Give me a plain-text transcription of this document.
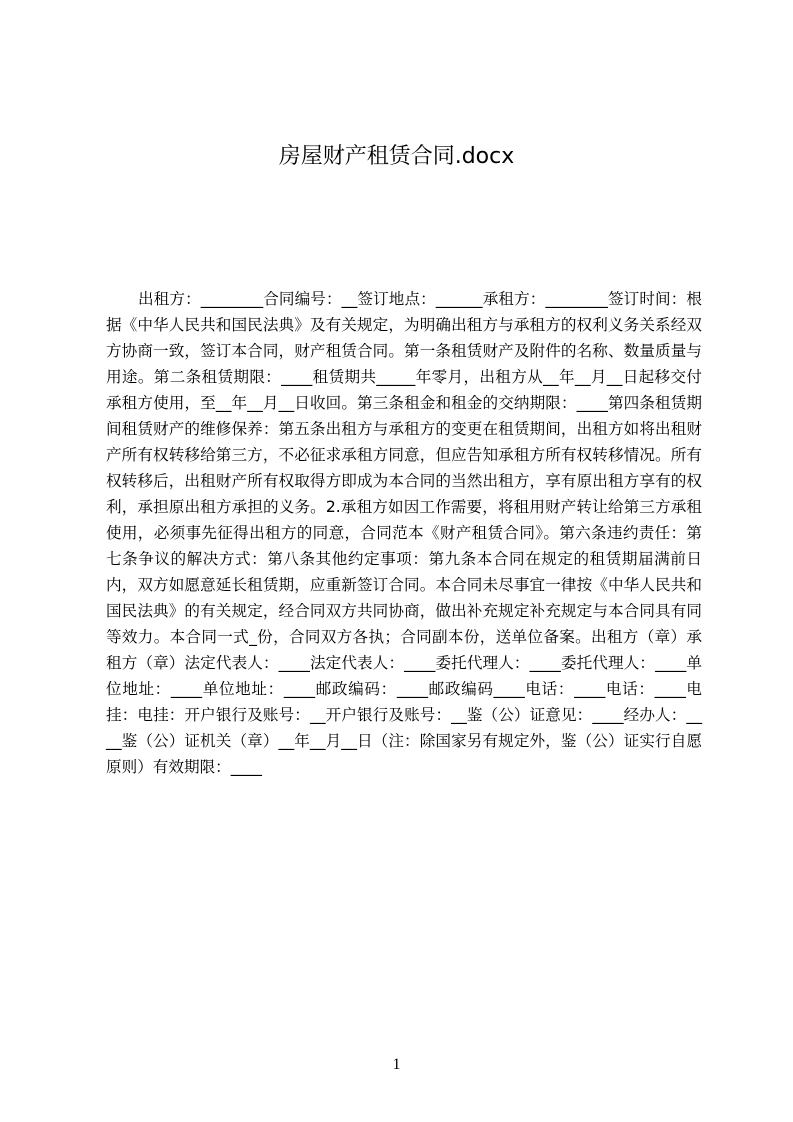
房屋财产租赁合同.docx

出租方：________合同编号：__签订地点：______承租方：________签订时间：根据《中华人民共和国民法典》及有关规定，为明确出租方与承租方的权利义务关系经双方协商一致，签订本合同，财产租赁合同。第一条租赁财产及附件的名称、数量质量与用途。第二条租赁期限：____租赁期共_____年零月，出租方从__年__月__日起移交付承租方使用，至__年__月__日收回。第三条租金和租金的交纳期限：____第四条租赁期间租赁财产的维修保养：第五条出租方与承租方的变更在租赁期间，出租方如将出租财产所有权转移给第三方，不必征求承租方同意，但应告知承租方所有权转移情况。所有权转移后，出租财产所有权取得方即成为本合同的当然出租方，享有原出租方享有的权利，承担原出租方承担的义务。2.承租方如因工作需要，将租用财产转让给第三方承租使用，必须事先征得出租方的同意，合同范本《财产租赁合同》。第六条违约责任：第七条争议的解决方式：第八条其他约定事项：第九条本合同在规定的租赁期届满前日内，双方如愿意延长租赁期，应重新签订合同。本合同未尽事宜一律按《中华人民共和国民法典》的有关规定，经合同双方共同协商，做出补充规定补充规定与本合同具有同等效力。本合同一式_份，合同双方各执；合同副本份，送单位备案。出租方（章）承租方（章）法定代表人：____法定代表人：____委托代理人：____委托代理人：____单位地址：____单位地址：____邮政编码：____邮政编码____电话：____电话：____电挂：电挂：开户银行及账号：__开户银行及账号：__鉴（公）证意见：____经办人：____鉴（公）证机关（章）__年__月__日（注：除国家另有规定外，鉴（公）证实行自愿原则）有效期限：____

1
